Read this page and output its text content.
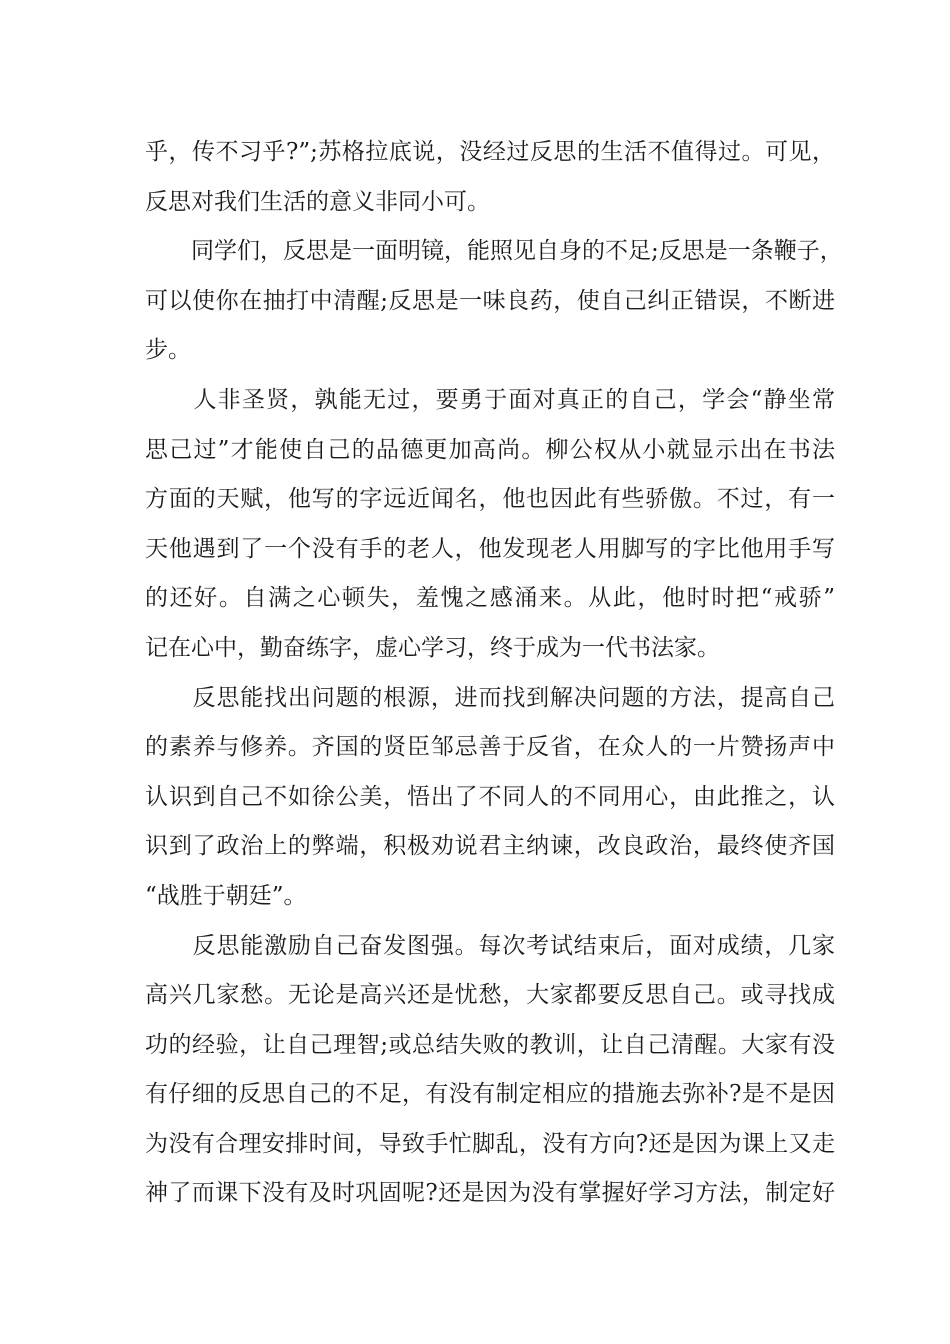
乎，传不习乎?”;苏格拉底说，没经过反思的生活不值得过。可见，
反思对我们生活的意义非同小可。
　　同学们，反思是一面明镜，能照见自身的不足;反思是一条鞭子，
可以使你在抽打中清醒;反思是一味良药，使自己纠正错误，不断进
步。
　　人非圣贤，孰能无过，要勇于面对真正的自己，学会“静坐常
思己过”才能使自己的品德更加高尚。柳公权从小就显示出在书法
方面的天赋，他写的字远近闻名，他也因此有些骄傲。不过，有一
天他遇到了一个没有手的老人，他发现老人用脚写的字比他用手写
的还好。自满之心顿失，羞愧之感涌来。从此，他时时把“戒骄”
记在心中，勤奋练字，虚心学习，终于成为一代书法家。
　　反思能找出问题的根源，进而找到解决问题的方法，提高自己
的素养与修养。齐国的贤臣邹忌善于反省，在众人的一片赞扬声中
认识到自己不如徐公美，悟出了不同人的不同用心，由此推之，认
识到了政治上的弊端，积极劝说君主纳谏，改良政治，最终使齐国
“战胜于朝廷”。
　　反思能激励自己奋发图强。每次考试结束后，面对成绩，几家
高兴几家愁。无论是高兴还是忧愁，大家都要反思自己。或寻找成
功的经验，让自己理智;或总结失败的教训，让自己清醒。大家有没
有仔细的反思自己的不足，有没有制定相应的措施去弥补?是不是因
为没有合理安排时间，导致手忙脚乱，没有方向?还是因为课上又走
神了而课下没有及时巩固呢?还是因为没有掌握好学习方法，制定好
